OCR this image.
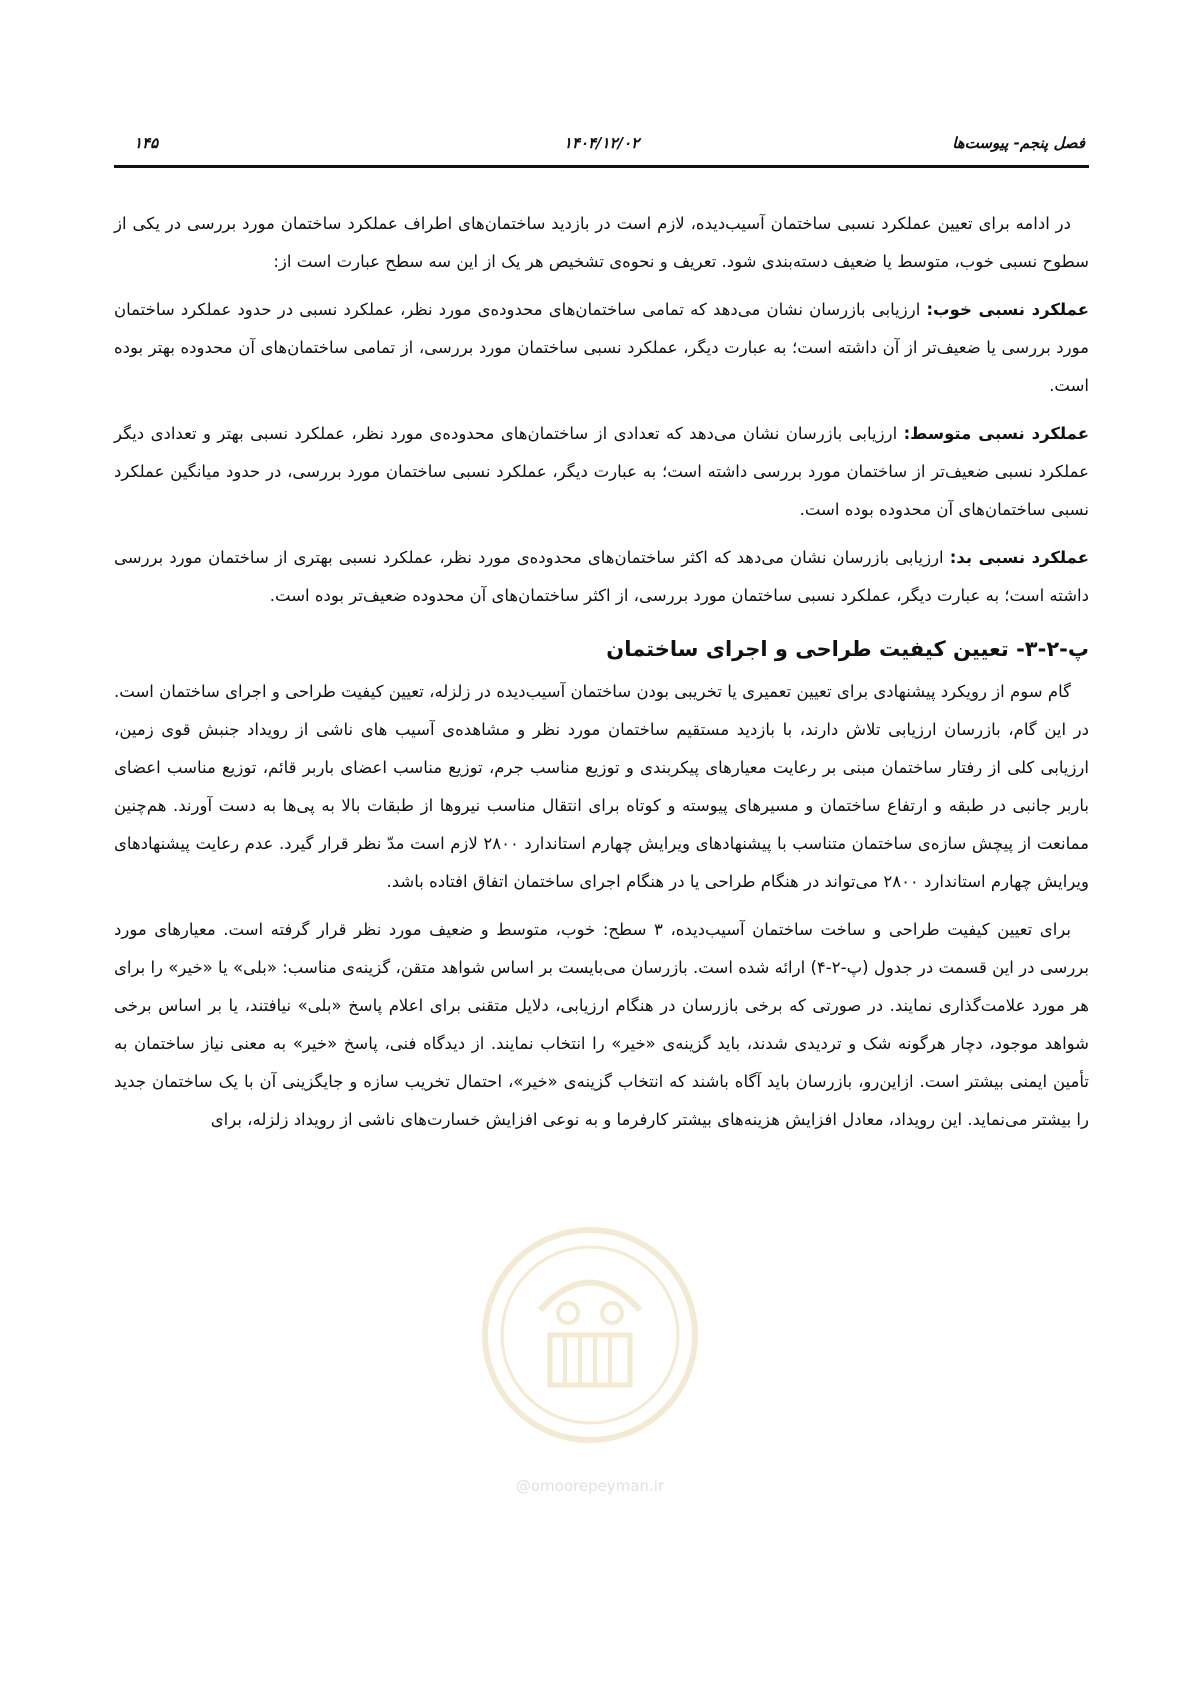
فصل پنجم- پیوست‌ها
۱۴۰۴/۱۲/۰۲
۱۴۵

در ادامه برای تعیین عملکرد نسبی ساختمان آسیب‌دیده، لازم است در بازدید ساختمان‌های اطراف عملکرد ساختمان مورد بررسی در یکی از سطوح نسبی خوب، متوسط یا ضعیف دسته‌بندی شود. تعریف و نحوه‌ی تشخیص هر یک از این سه سطح عبارت است از:

عملکرد نسبی خوب: ارزیابی بازرسان نشان می‌دهد که تمامی ساختمان‌های محدوده‌ی مورد نظر، عملکرد نسبی در حدود عملکرد ساختمان مورد بررسی یا ضعیف‌تر از آن داشته است؛ به عبارت دیگر، عملکرد نسبی ساختمان مورد بررسی، از تمامی ساختمان‌های آن محدوده بهتر بوده است.

عملکرد نسبی متوسط: ارزیابی بازرسان نشان می‌دهد که تعدادی از ساختمان‌های محدوده‌ی مورد نظر، عملکرد نسبی بهتر و تعدادی دیگر عملکرد نسبی ضعیف‌تر از ساختمان مورد بررسی داشته است؛ به عبارت دیگر، عملکرد نسبی ساختمان مورد بررسی، در حدود میانگین عملکرد نسبی ساختمان‌های آن محدوده بوده است.

عملکرد نسبی بد: ارزیابی بازرسان نشان می‌دهد که اکثر ساختمان‌های محدوده‌ی مورد نظر، عملکرد نسبی بهتری از ساختمان مورد بررسی داشته است؛ به عبارت دیگر، عملکرد نسبی ساختمان مورد بررسی، از اکثر ساختمان‌های آن محدوده ضعیف‌تر بوده است.

پ-۲-۳- تعیین کیفیت طراحی و اجرای ساختمان

گام سوم از رویکرد پیشنهادی برای تعیین تعمیری یا تخریبی بودن ساختمان آسیب‌دیده در زلزله، تعیین کیفیت طراحی و اجرای ساختمان است. در این گام، بازرسان ارزیابی تلاش دارند، با بازدید مستقیم ساختمان مورد نظر و مشاهده‌ی آسیب های ناشی از رویداد جنبش قوی زمین، ارزیابی کلی از رفتار ساختمان مبنی بر رعایت معیارهای پیکربندی و توزیع مناسب جرم، توزیع مناسب اعضای باربر قائم، توزیع مناسب اعضای باربر جانبی در طبقه و ارتفاع ساختمان و مسیرهای پیوسته و کوتاه برای انتقال مناسب نیروها از طبقات بالا به پی‌ها به دست آورند. هم‌چنین ممانعت از پیچش سازه‌ی ساختمان متناسب با پیشنهادهای ویرایش چهارم استاندارد ۲۸۰۰ لازم است مدّ نظر قرار گیرد. عدم رعایت پیشنهادهای ویرایش چهارم استاندارد ۲۸۰۰ می‌تواند در هنگام طراحی یا در هنگام اجرای ساختمان اتفاق افتاده باشد.

برای تعیین کیفیت طراحی و ساخت ساختمان آسیب‌دیده، ۳ سطح: خوب، متوسط و ضعیف مورد نظر قرار گرفته است. معیارهای مورد بررسی در این قسمت در جدول (پ-۲-۴) ارائه شده است. بازرسان می‌بایست بر اساس شواهد متقن، گزینه‌ی مناسب: «بلی» یا «خیر» را برای هر مورد علامت‌گذاری نمایند. در صورتی که برخی بازرسان در هنگام ارزیابی، دلایل متقنی برای اعلام پاسخ «بلی» نیافتند، یا بر اساس برخی شواهد موجود، دچار هرگونه شک و تردیدی شدند، باید گزینه‌ی «خیر» را انتخاب نمایند. از دیدگاه فنی، پاسخ «خیر» به معنی نیاز ساختمان به تأمین ایمنی بیشتر است. ازاین‌رو، بازرسان باید آگاه باشند که انتخاب گزینه‌ی «خیر»، احتمال تخریب سازه و جایگزینی آن با یک ساختمان جدید را بیشتر می‌نماید. این رویداد، معادل افزایش هزینه‌های بیشتر کارفرما و به نوعی افزایش خسارت‌های ناشی از رویداد زلزله، برای

@omoorepeyman.ir
